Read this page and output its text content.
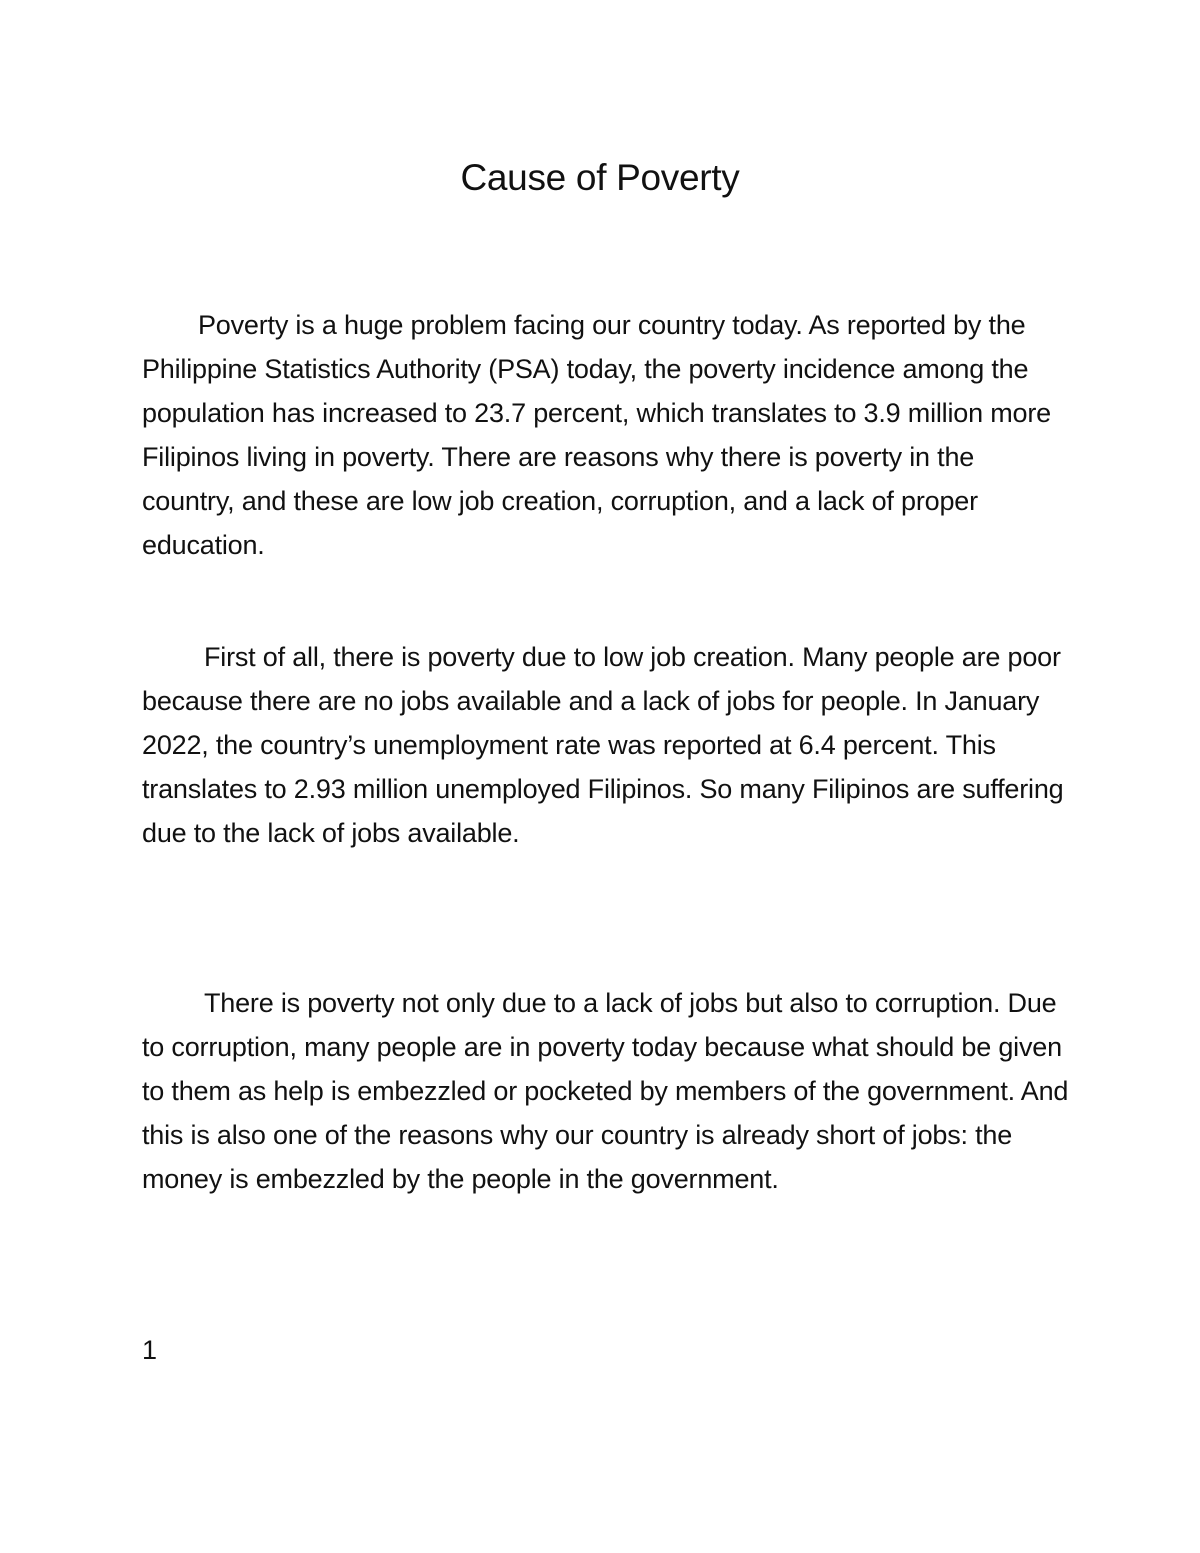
Cause of Poverty

Poverty is a huge problem facing our country today. As reported by the Philippine Statistics Authority (PSA) today, the poverty incidence among the population has increased to 23.7 percent, which translates to 3.9 million more Filipinos living in poverty. There are reasons why there is poverty in the country, and these are low job creation, corruption, and a lack of proper education.

First of all, there is poverty due to low job creation. Many people are poor because there are no jobs available and a lack of jobs for people. In January 2022, the country’s unemployment rate was reported at 6.4 percent. This translates to 2.93 million unemployed Filipinos. So many Filipinos are suffering due to the lack of jobs available.

There is poverty not only due to a lack of jobs but also to corruption. Due to corruption, many people are in poverty today because what should be given to them as help is embezzled or pocketed by members of the government. And this is also one of the reasons why our country is already short of jobs: the money is embezzled by the people in the government.

1
